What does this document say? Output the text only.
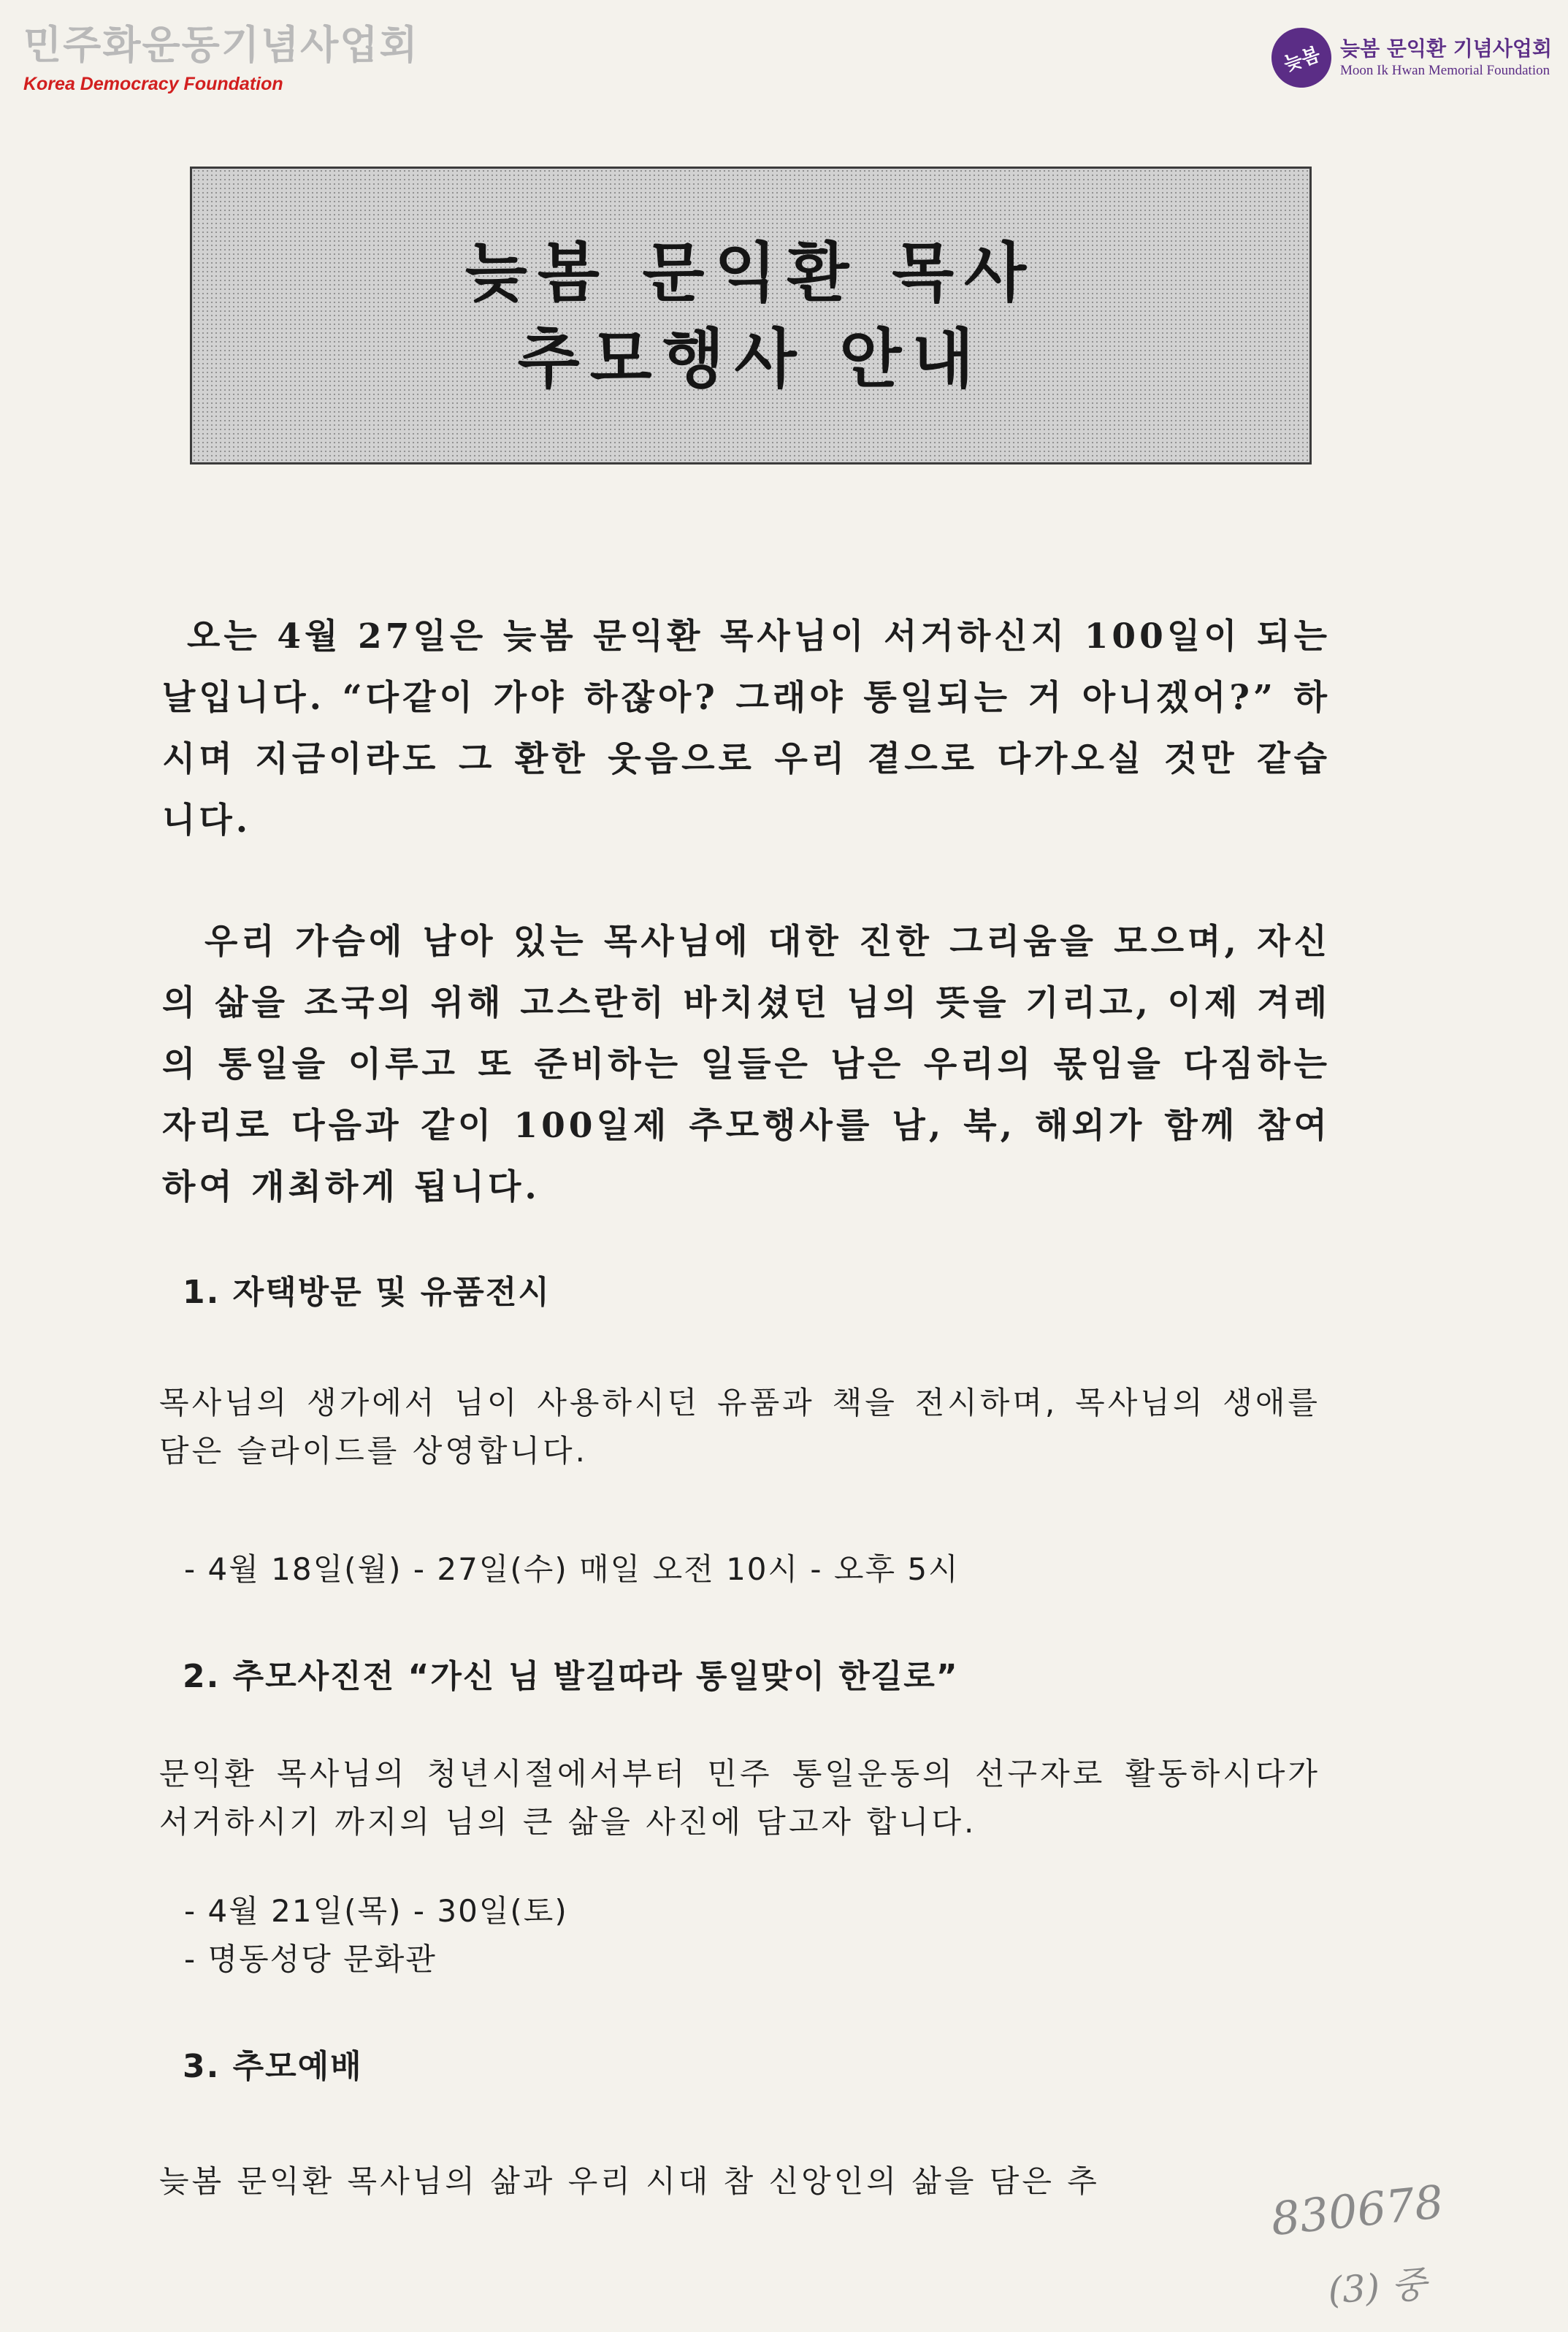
민주화운동기념사업회
Korea Democracy Foundation
늦봄 늦봄 문익환 기념사업회
Moon Ik Hwan Memorial Foundation
늦봄 문익환 목사
추모행사 안내

오는 4월 27일은 늦봄 문익환 목사님이 서거하신지 100일이 되는 날입니다. “다같이 가야 하잖아? 그래야 통일되는 거 아니겠어?” 하시며 지금이라도 그 환한 웃음으로 우리 곁으로 다가오실 것만 같습니다.

우리 가슴에 남아 있는 목사님에 대한 진한 그리움을 모으며, 자신의 삶을 조국의 위해 고스란히 바치셨던 님의 뜻을 기리고, 이제 겨레의 통일을 이루고 또 준비하는 일들은 남은 우리의 몫임을 다짐하는 자리로 다음과 같이 100일제 추모행사를 남, 북, 해외가 함께 참여하여 개최하게 됩니다.

1. 자택방문 및 유품전시

목사님의 생가에서 님이 사용하시던 유품과 책을 전시하며, 목사님의 생애를 담은 슬라이드를 상영합니다.

- 4월 18일(월) - 27일(수) 매일 오전 10시 - 오후 5시

2. 추모사진전 “가신 님 발길따라 통일맞이 한길로”

문익환 목사님의 청년시절에서부터 민주 통일운동의 선구자로 활동하시다가 서거하시기 까지의 님의 큰 삶을 사진에 담고자 합니다.

- 4월 21일(목) - 30일(토)

- 명동성당 문화관

3. 추모예배

늦봄 문익환 목사님의 삶과 우리 시대 참 신앙인의 삶을 담은 추	830678
(3) 중
